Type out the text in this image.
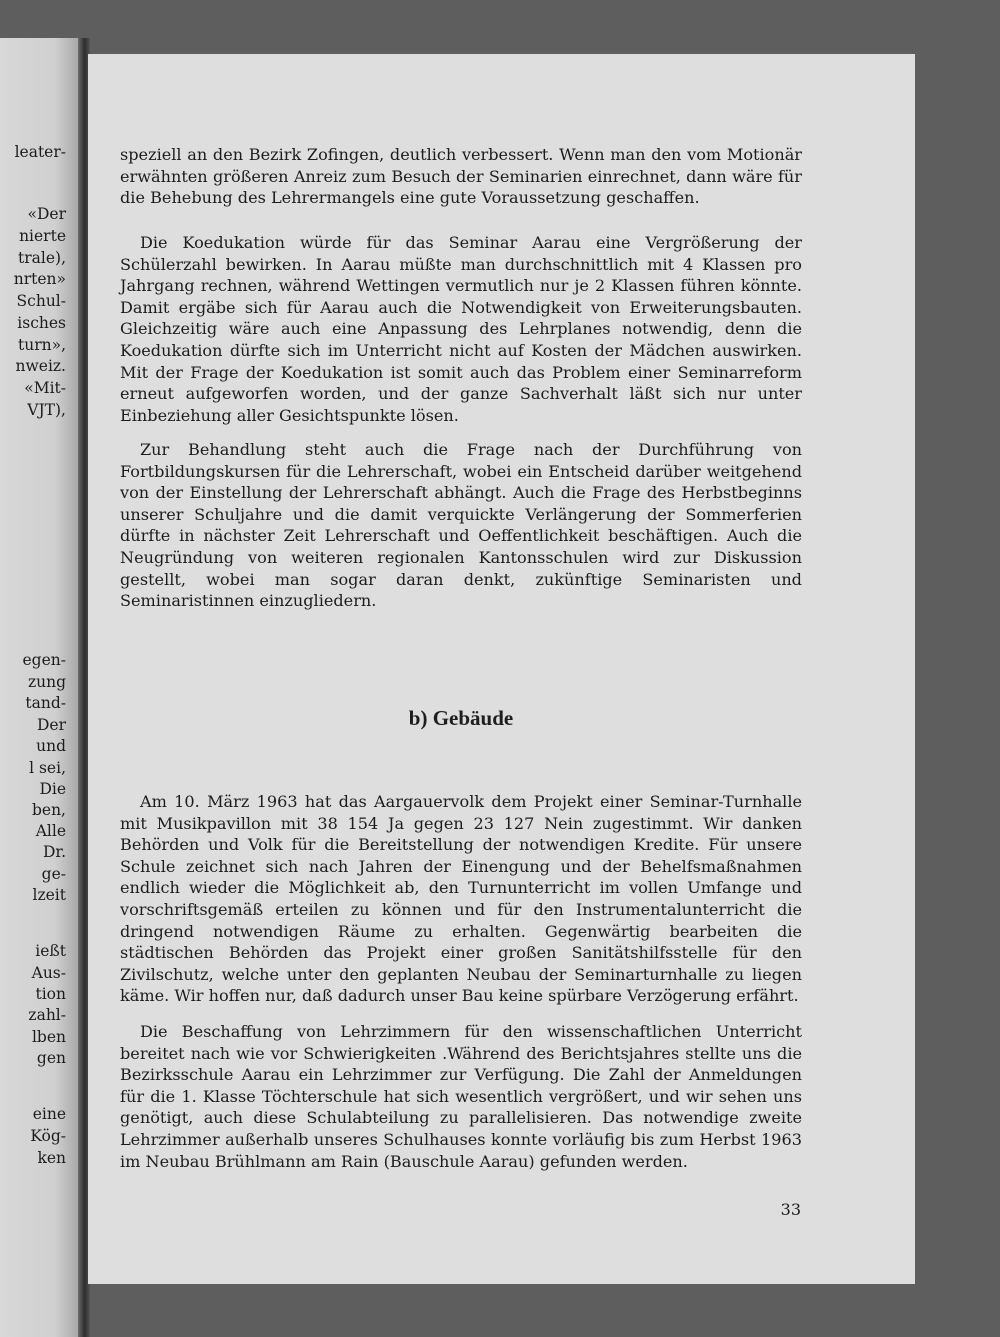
leater-
«Der
nierte
trale),
nrten»
Schul-
isches
turn»,
nweiz.
«Mit-
VJT),
egen-
zung
tand-
Der
und
l sei,
Die
ben,
Alle
Dr.
ge-
lzeit
ießt
Aus-
tion
zahl-
lben
gen
eine
Kög-
ken

speziell an den Bezirk Zofingen, deutlich verbessert. Wenn man den vom Motionär erwähnten größeren Anreiz zum Besuch der Seminarien einrechnet, dann wäre für die Behebung des Lehrermangels eine gute Voraussetzung geschaffen.

Die Koedukation würde für das Seminar Aarau eine Vergrößerung der Schülerzahl bewirken. In Aarau müßte man durchschnittlich mit 4 Klassen pro Jahrgang rechnen, während Wettingen vermutlich nur je 2 Klassen führen könnte. Damit ergäbe sich für Aarau auch die Notwendigkeit von Erweiterungsbauten. Gleichzeitig wäre auch eine Anpassung des Lehrplanes notwendig, denn die Koedukation dürfte sich im Unterricht nicht auf Kosten der Mädchen auswirken. Mit der Frage der Koedukation ist somit auch das Problem einer Seminarreform erneut aufgeworfen worden, und der ganze Sachverhalt läßt sich nur unter Einbeziehung aller Gesichtspunkte lösen.

Zur Behandlung steht auch die Frage nach der Durchführung von Fortbildungskursen für die Lehrerschaft, wobei ein Entscheid darüber weitgehend von der Einstellung der Lehrerschaft abhängt. Auch die Frage des Herbstbeginns unserer Schuljahre und die damit verquickte Verlängerung der Sommerferien dürfte in nächster Zeit Lehrerschaft und Oeffentlichkeit beschäftigen. Auch die Neugründung von weiteren regionalen Kantonsschulen wird zur Diskussion gestellt, wobei man sogar daran denkt, zukünftige Seminaristen und Seminaristinnen einzugliedern.

b) Gebäude

Am 10. März 1963 hat das Aargauervolk dem Projekt einer Seminar-Turnhalle mit Musikpavillon mit 38 154 Ja gegen 23 127 Nein zugestimmt. Wir danken Behörden und Volk für die Bereitstellung der notwendigen Kredite. Für unsere Schule zeichnet sich nach Jahren der Einengung und der Behelfsmaßnahmen endlich wieder die Möglichkeit ab, den Turnunterricht im vollen Umfange und vorschriftsgemäß erteilen zu können und für den Instrumentalunterricht die dringend notwendigen Räume zu erhalten. Gegenwärtig bearbeiten die städtischen Behörden das Projekt einer großen Sanitätshilfsstelle für den Zivilschutz, welche unter den geplanten Neubau der Seminarturnhalle zu liegen käme. Wir hoffen nur, daß dadurch unser Bau keine spürbare Verzögerung erfährt.

Die Beschaffung von Lehrzimmern für den wissenschaftlichen Unterricht bereitet nach wie vor Schwierigkeiten .Während des Berichtsjahres stellte uns die Bezirksschule Aarau ein Lehrzimmer zur Verfügung. Die Zahl der Anmeldungen für die 1. Klasse Töchterschule hat sich wesentlich vergrößert, und wir sehen uns genötigt, auch diese Schulabteilung zu parallelisieren. Das notwendige zweite Lehrzimmer außerhalb unseres Schulhauses konnte vorläufig bis zum Herbst 1963 im Neubau Brühlmann am Rain (Bauschule Aarau) gefunden werden.

33
